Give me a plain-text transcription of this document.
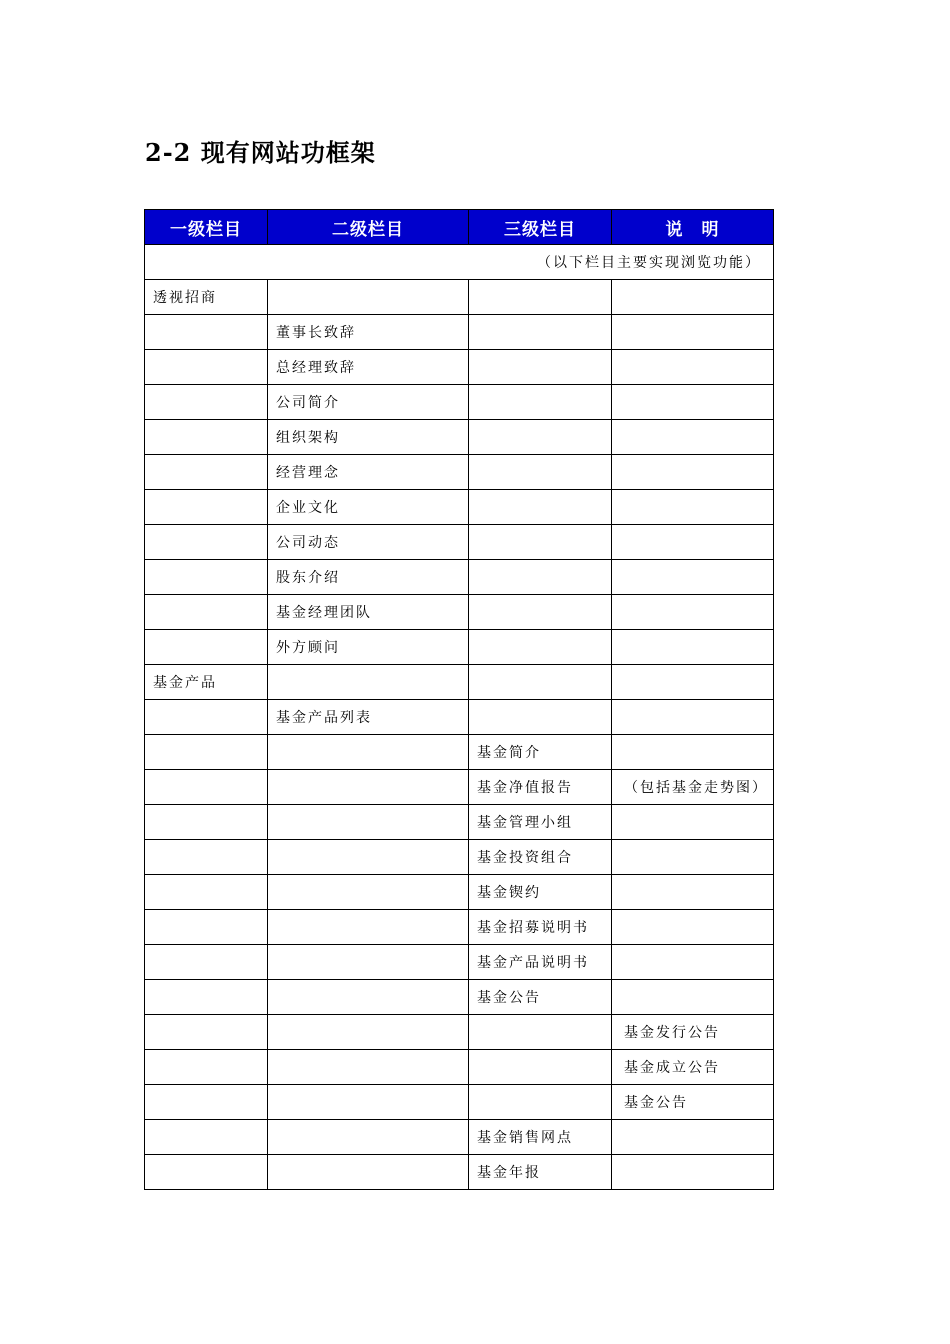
2-2 现有网站功框架
一级栏目	二级栏目	三级栏目	说　明
（以下栏目主要实现浏览功能）			

透视招商			

	董事长致辞		

	总经理致辞		

	公司简介		

	组织架构		

	经营理念		

	企业文化		

	公司动态		

	股东介绍		

	基金经理团队		

	外方顾问		

基金产品			

	基金产品列表		

		基金简介	

		基金净值报告	（包括基金走势图）

		基金管理小组	

		基金投资组合	

		基金锲约	

		基金招募说明书	

		基金产品说明书	

		基金公告	

			基金发行公告

			基金成立公告

			基金公告

		基金销售网点	

		基金年报	
